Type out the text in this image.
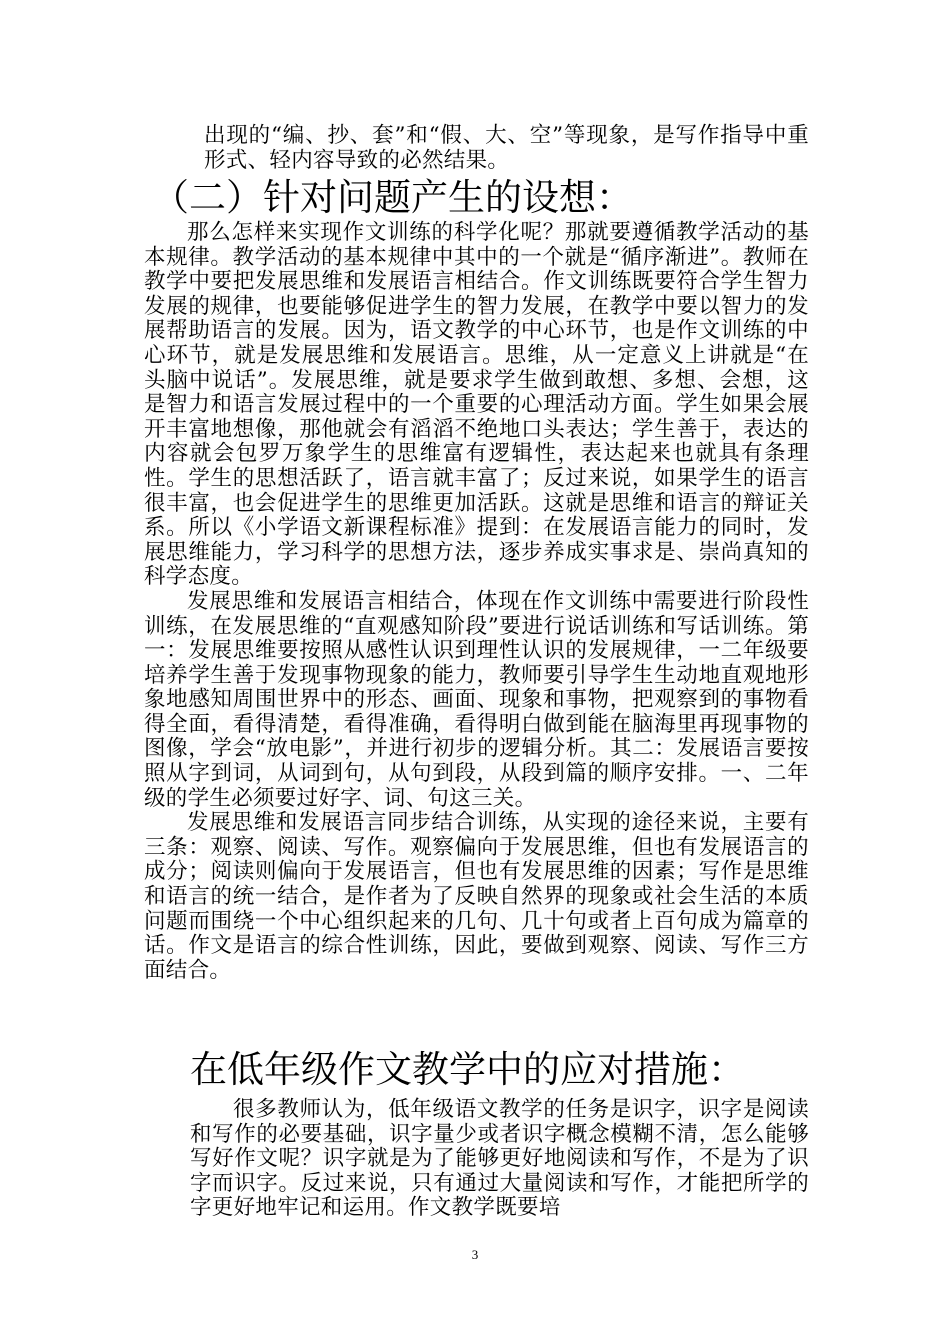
出现的“编、抄、套”和“假、大、空”等现象，是写作指导中重形式、轻内容导致的必然结果。

（二）针对问题产生的设想：

那么怎样来实现作文训练的科学化呢？那就要遵循教学活动的基本规律。教学活动的基本规律中其中的一个就是“循序渐进”。教师在教学中要把发展思维和发展语言相结合。作文训练既要符合学生智力发展的规律，也要能够促进学生的智力发展，在教学中要以智力的发展帮助语言的发展。因为，语文教学的中心环节，也是作文训练的中心环节，就是发展思维和发展语言。思维，从一定意义上讲就是“在头脑中说话”。发展思维，就是要求学生做到敢想、多想、会想，这是智力和语言发展过程中的一个重要的心理活动方面。学生如果会展开丰富地想像，那他就会有滔滔不绝地口头表达；学生善于，表达的内容就会包罗万象学生的思维富有逻辑性，表达起来也就具有条理性。学生的思想活跃了，语言就丰富了；反过来说，如果学生的语言很丰富，也会促进学生的思维更加活跃。这就是思维和语言的辩证关系。所以《小学语文新课程标准》提到：在发展语言能力的同时，发展思维能力，学习科学的思想方法，逐步养成实事求是、崇尚真知的科学态度。

发展思维和发展语言相结合，体现在作文训练中需要进行阶段性训练，在发展思维的“直观感知阶段”要进行说话训练和写话训练。第一：发展思维要按照从感性认识到理性认识的发展规律，一二年级要培养学生善于发现事物现象的能力，教师要引导学生生动地直观地形象地感知周围世界中的形态、画面、现象和事物，把观察到的事物看得全面，看得清楚，看得准确，看得明白做到能在脑海里再现事物的图像，学会“放电影”，并进行初步的逻辑分析。其二：发展语言要按照从字到词，从词到句，从句到段，从段到篇的顺序安排。一、二年级的学生必须要过好字、词、句这三关。

发展思维和发展语言同步结合训练，从实现的途径来说，主要有三条：观察、阅读、写作。观察偏向于发展思维，但也有发展语言的成分；阅读则偏向于发展语言，但也有发展思维的因素；写作是思维和语言的统一结合，是作者为了反映自然界的现象或社会生活的本质问题而围绕一个中心组织起来的几句、几十句或者上百句成为篇章的话。作文是语言的综合性训练，因此，要做到观察、阅读、写作三方面结合。

在低年级作文教学中的应对措施：

很多教师认为，低年级语文教学的任务是识字，识字是阅读和写作的必要基础，识字量少或者识字概念模糊不清，怎么能够写好作文呢？识字就是为了能够更好地阅读和写作，不是为了识字而识字。反过来说，只有通过大量阅读和写作，才能把所学的字更好地牢记和运用。作文教学既要培

3
